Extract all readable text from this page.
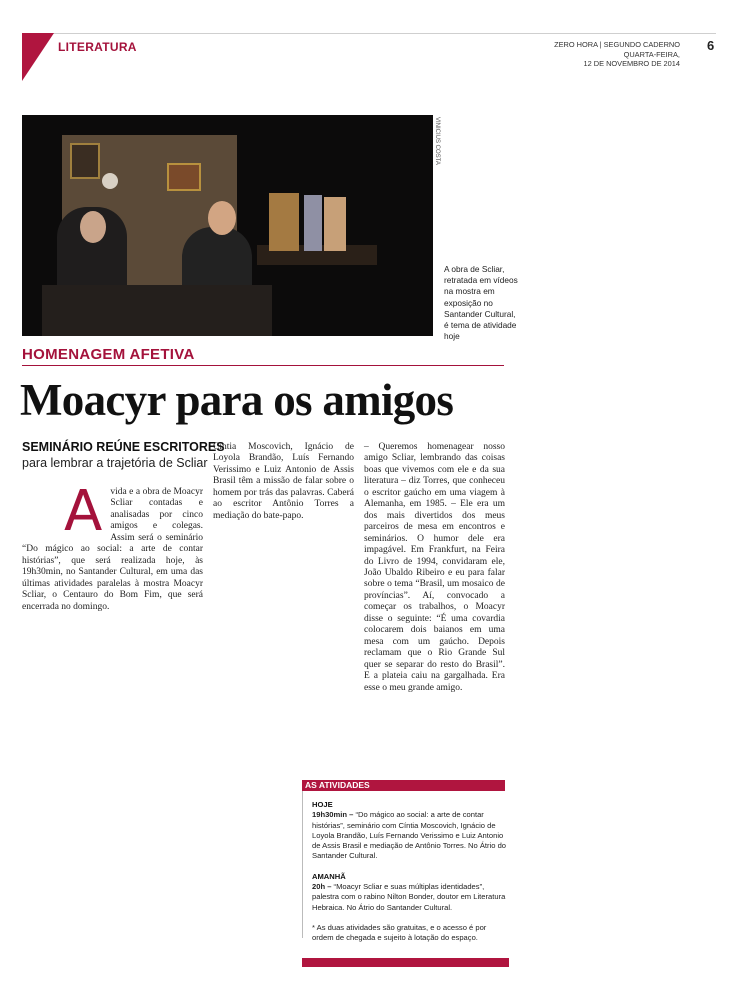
LITERATURA	ZERO HORA | SEGUNDO CADERNO
QUARTA-FEIRA,
12 DE NOVEMBRO DE 2014
6
VINICIUS COSTA
A obra de Scliar, retratada em vídeos na mostra em exposição no Santander Cultural, é tema de atividade hoje
HOMENAGEM AFETIVA
Moacyr para os amigos
SEMINÁRIO REÚNE ESCRITORES
para lembrar a trajetória de Scliar
A vida e a obra de Moacyr Scliar contadas e analisadas por cinco amigos e colegas. Assim será o seminário “Do mágico ao social: a arte de contar histórias”, que será realizada hoje, às 19h30min, no Santander Cultural, em uma das últimas atividades paralelas à mostra Moacyr Scliar, o Centauro do Bom Fim, que será encerrada no domingo.

Cíntia Moscovich, Ignácio de Loyola Brandão, Luís Fernando Verissimo e Luiz Antonio de Assis Brasil têm a missão de falar sobre o homem por trás das palavras. Caberá ao escritor Antônio Torres a mediação do bate-papo.

– Queremos homenagear nosso amigo Scliar, lembrando das coisas boas que vivemos com ele e da sua literatura – diz Torres, que conheceu o escritor gaúcho em uma viagem à Alemanha, em 1985. – Ele era um dos mais divertidos dos meus parceiros de mesa em encontros e seminários. O humor dele era impagável. Em Frankfurt, na Feira do Livro de 1994, convidaram ele, João Ubaldo Ribeiro e eu para falar sobre o tema “Brasil, um mosaico de províncias”. Aí, convocado a começar os trabalhos, o Moacyr disse o seguinte: “É uma covardia colocarem dois baianos em uma mesa com um gaúcho. Depois reclamam que o Rio Grande Sul quer se separar do resto do Brasil”. E a plateia caiu na gargalhada. Era esse o meu grande amigo.

AS ATIVIDADES
HOJE
19h30min – “Do mágico ao social: a arte de contar histórias”, seminário com Cíntia Moscovich, Ignácio de Loyola Brandão, Luís Fernando Verissimo e Luiz Antonio de Assis Brasil e mediação de Antônio Torres. No Átrio do Santander Cultural.
AMANHÃ
20h – “Moacyr Scliar e suas múltiplas identidades”, palestra com o rabino Nilton Bonder, doutor em Literatura Hebraica. No Átrio do Santander Cultural.
* As duas atividades são gratuitas, e o acesso é por ordem de chegada e sujeito à lotação do espaço.
